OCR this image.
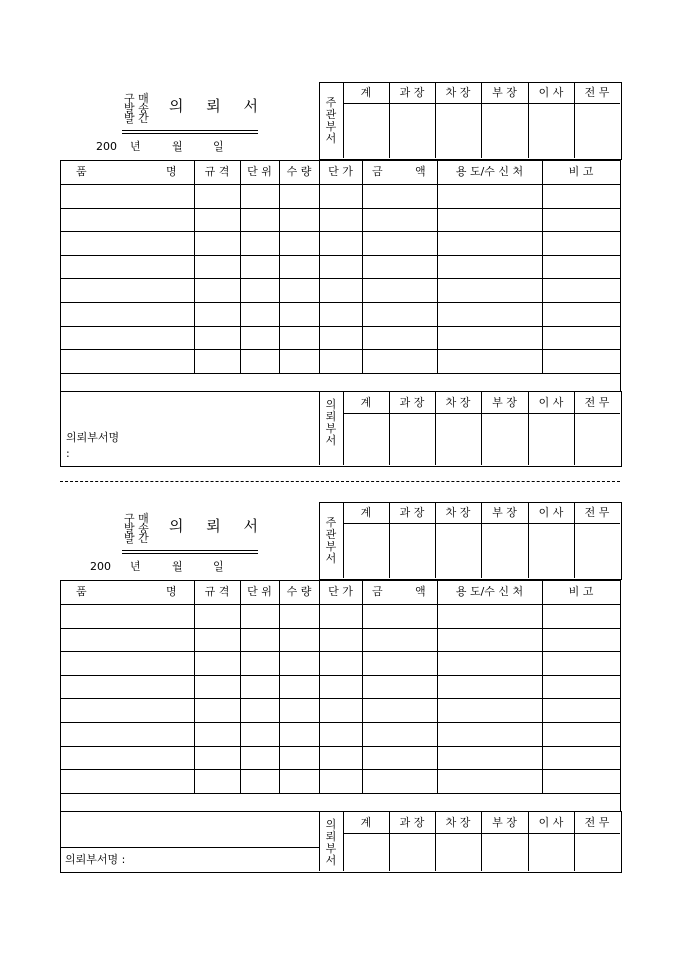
구 매
발 송
발 간
의 뢰 서
200 년	월	일
계	과 장	차 장	부 장	이 사	전 무
주
관
부
서
품	명	규 격	단 위	수 량	단 가	금	액	용 도/수 신 처	비 고
계	과 장	차 장	부 장	이 사	전 무
의
뢰
부
서
의뢰부서명
:
구 매
발 송
발 간
의 뢰 서
200 년	월	일
계	과 장	차 장	부 장	이 사	전 무
주
관
부
서
품	명	규 격	단 위	수 량	단 가	금	액	용 도/수 신 처	비 고
계	과 장	차 장	부 장	이 사	전 무
의
뢰
부
서
의뢰부서명 :
